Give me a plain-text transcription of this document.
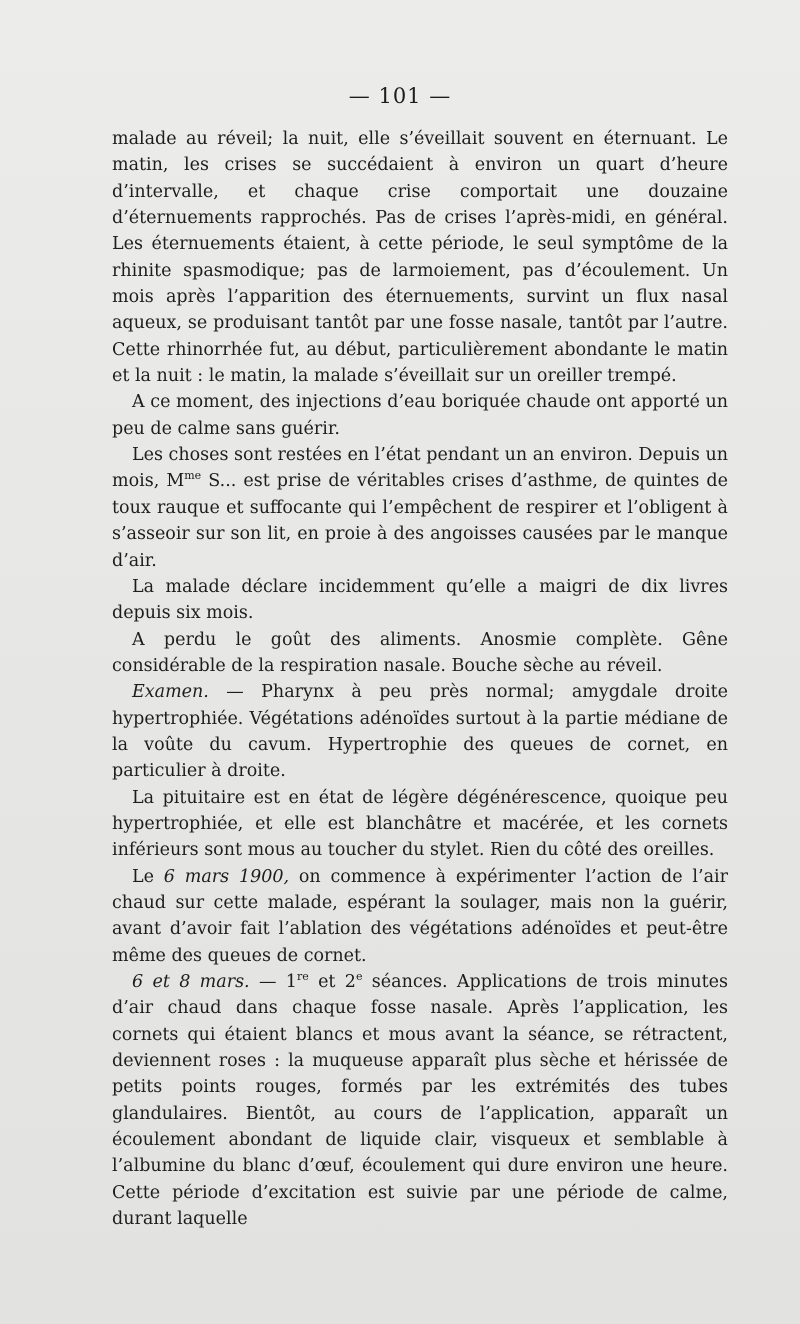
— 101 —

malade au réveil; la nuit, elle s’éveillait souvent en éternuant. Le matin, les crises se succédaient à environ un quart d’heure d’intervalle, et chaque crise comportait une douzaine d’éternuements rapprochés. Pas de crises l’après-midi, en général. Les éternuements étaient, à cette période, le seul symptôme de la rhinite spasmodique; pas de larmoiement, pas d’écoulement. Un mois après l’apparition des éternuements, survint un flux nasal aqueux, se produisant tantôt par une fosse nasale, tantôt par l’autre. Cette rhinorrhée fut, au début, particulièrement abondante le matin et la nuit : le matin, la malade s’éveillait sur un oreiller trempé.

A ce moment, des injections d’eau boriquée chaude ont apporté un peu de calme sans guérir.

Les choses sont restées en l’état pendant un an environ. Depuis un mois, $M^{me}$ S... est prise de véritables crises d’asthme, de quintes de toux rauque et suffocante qui l’empêchent de respirer et l’obligent à s’asseoir sur son lit, en proie à des angoisses causées par le manque d’air.

La malade déclare incidemment qu’elle a maigri de dix livres depuis six mois.

A perdu le goût des aliments. Anosmie complète. Gêne considérable de la respiration nasale. Bouche sèche au réveil.

Examen. — Pharynx à peu près normal; amygdale droite hypertrophiée. Végétations adénoïdes surtout à la partie médiane de la voûte du cavum. Hypertrophie des queues de cornet, en particulier à droite.

La pituitaire est en état de légère dégénérescence, quoique peu hypertrophiée, et elle est blanchâtre et macérée, et les cornets inférieurs sont mous au toucher du stylet. Rien du côté des oreilles.

Le 6 mars 1900, on commence à expérimenter l’action de l’air chaud sur cette malade, espérant la soulager, mais non la guérir, avant d’avoir fait l’ablation des végétations adénoïdes et peut-être même des queues de cornet.

6 et 8 mars. — 1re et 2e séances. Applications de trois minutes d’air chaud dans chaque fosse nasale. Après l’application, les cornets qui étaient blancs et mous avant la séance, se rétractent, deviennent roses : la muqueuse apparaît plus sèche et hérissée de petits points rouges, formés par les extrémités des tubes glandulaires. Bientôt, au cours de l’application, apparaît un écoulement abondant de liquide clair, visqueux et semblable à l’albumine du blanc d’œuf, écoulement qui dure environ une heure. Cette période d’excitation est suivie par une période de calme, durant laquelle
